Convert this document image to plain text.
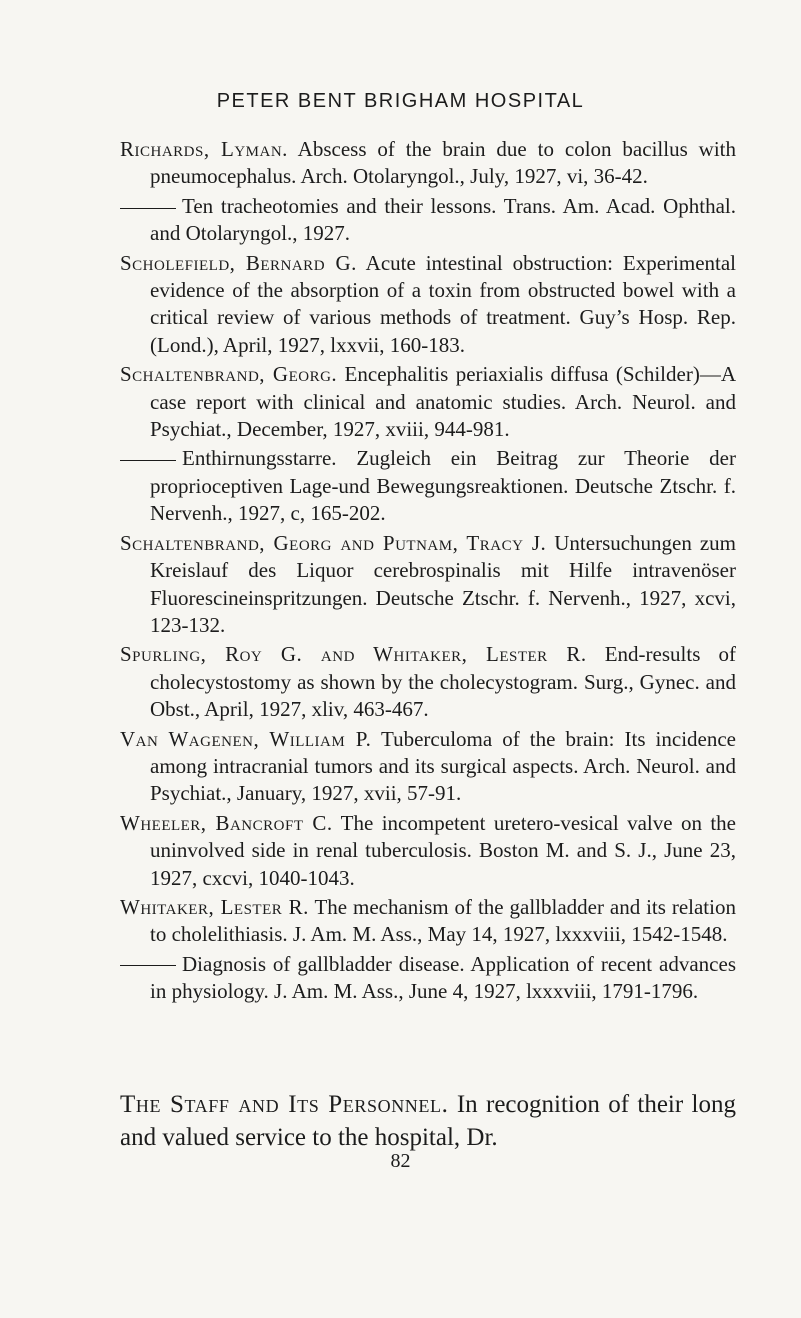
PETER BENT BRIGHAM HOSPITAL

Richards, Lyman. Abscess of the brain due to colon bacillus with pneumocephalus. Arch. Otolaryngol., July, 1927, vi, 36-42.

Ten tracheotomies and their lessons. Trans. Am. Acad. Ophthal. and Otolaryngol., 1927.

Scholefield, Bernard G. Acute intestinal obstruction: Experimental evidence of the absorption of a toxin from obstructed bowel with a critical review of various methods of treatment. Guy’s Hosp. Rep. (Lond.), April, 1927, lxxvii, 160-183.

Schaltenbrand, Georg. Encephalitis periaxialis diffusa (Schilder)—A case report with clinical and anatomic studies. Arch. Neurol. and Psychiat., December, 1927, xviii, 944-981.

Enthirnungsstarre. Zugleich ein Beitrag zur Theorie der proprioceptiven Lage-und Bewegungsreaktionen. Deutsche Ztschr. f. Nervenh., 1927, c, 165-202.

Schaltenbrand, Georg and Putnam, Tracy J. Untersuchungen zum Kreislauf des Liquor cerebrospinalis mit Hilfe intravenöser Fluorescineinspritzungen. Deutsche Ztschr. f. Nervenh., 1927, xcvi, 123-132.

Spurling, Roy G. and Whitaker, Lester R. End-results of cholecystostomy as shown by the cholecystogram. Surg., Gynec. and Obst., April, 1927, xliv, 463-467.

Van Wagenen, William P. Tuberculoma of the brain: Its incidence among intracranial tumors and its surgical aspects. Arch. Neurol. and Psychiat., January, 1927, xvii, 57-91.

Wheeler, Bancroft C. The incompetent uretero-vesical valve on the uninvolved side in renal tuberculosis. Boston M. and S. J., June 23, 1927, cxcvi, 1040-1043.

Whitaker, Lester R. The mechanism of the gallbladder and its relation to cholelithiasis. J. Am. M. Ass., May 14, 1927, lxxxviii, 1542-1548.

Diagnosis of gallbladder disease. Application of recent advances in physiology. J. Am. M. Ass., June 4, 1927, lxxxviii, 1791-1796.

The Staff and Its Personnel. In recognition of their long and valued service to the hospital, Dr.
82
